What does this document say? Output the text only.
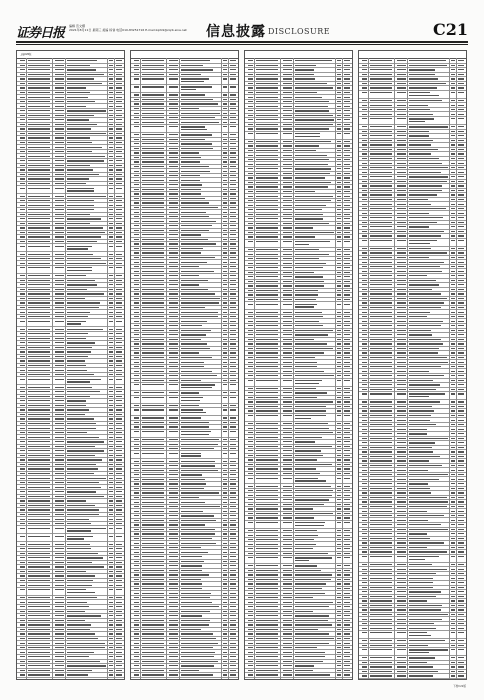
证券日报 编辑 范文娜
2021年8月11日 星期三 美编 杨睿 电话010-83251716 E-mail:zqrb9@zqrb.sina.net 信息披露 DISCLOSURE	C21
上接C20版
下转C22版
